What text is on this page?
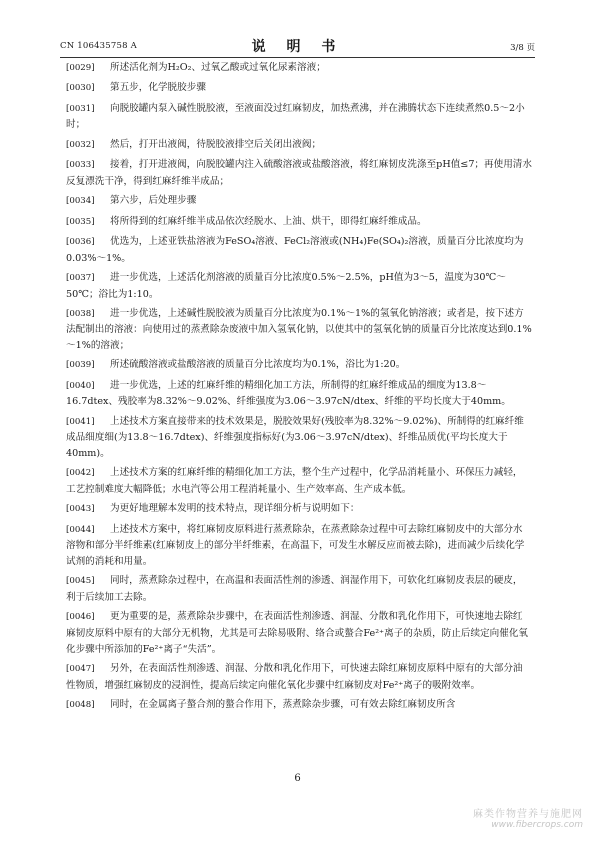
CN 106435758 A	说 明 书	3/8 页

[0029] 所述活化剂为H₂O₂、过氧乙酸或过氧化尿素溶液；

[0030] 第五步，化学脱胶步骤

[0031] 向脱胶罐内泵入碱性脱胶液，至液面没过红麻韧皮，加热煮沸，并在沸腾状态下连续煮然0.5～2小时；

[0032] 然后，打开出液阀，待脱胶液排空后关闭出液阀；

[0033] 接着，打开进液阀，向脱胶罐内注入硫酸溶液或盐酸溶液，将红麻韧皮洗涤至pH值≤7；再使用清水反复漂洗干净，得到红麻纤维半成品；

[0034] 第六步，后处理步骤

[0035] 将所得到的红麻纤维半成品依次经脱水、上油、烘干，即得红麻纤维成品。

[0036] 优选为，上述亚铁盐溶液为FeSO₄溶液、FeCl₂溶液或(NH₄)Fe(SO₄)₂溶液，质量百分比浓度均为0.03%～1%。

[0037] 进一步优选，上述活化剂溶液的质量百分比浓度0.5%～2.5%，pH值为3～5，温度为30℃～50℃；浴比为1:10。

[0038] 进一步优选，上述碱性脱胶液为质量百分比浓度为0.1%～1%的氢氧化钠溶液；或者是，按下述方法配制出的溶液：向使用过的蒸煮除杂废液中加入氢氧化钠，以使其中的氢氧化钠的质量百分比浓度达到0.1%～1%的溶液；

[0039] 所述硫酸溶液或盐酸溶液的质量百分比浓度均为0.1%，浴比为1:20。

[0040] 进一步优选，上述的红麻纤维的精细化加工方法，所制得的红麻纤维成品的细度为13.8～16.7dtex、残胶率为8.32%～9.02%、纤维强度为3.06～3.97cN/dtex、纤维的平均长度大于40mm。

[0041] 上述技术方案直接带来的技术效果是，脱胶效果好(残胶率为8.32%～9.02%)、所制得的红麻纤维成品细度细(为13.8～16.7dtex)、纤维强度指标好(为3.06～3.97cN/dtex)、纤维品质优(平均长度大于40mm)。

[0042] 上述技术方案的红麻纤维的精细化加工方法，整个生产过程中，化学品消耗量小、环保压力减轻，工艺控制难度大幅降低；水电汽等公用工程消耗量小、生产效率高、生产成本低。

[0043] 为更好地理解本发明的技术特点，现详细分析与说明如下：

[0044] 上述技术方案中，将红麻韧皮原料进行蒸煮除杂，在蒸煮除杂过程中可去除红麻韧皮中的大部分水溶物和部分半纤维素(红麻韧皮上的部分半纤维素，在高温下，可发生水解反应而被去除)，进而减少后续化学试剂的消耗和用量。

[0045] 同时，蒸煮除杂过程中，在高温和表面活性剂的渗透、润湿作用下，可软化红麻韧皮表层的硬皮，利于后续加工去除。

[0046] 更为重要的是，蒸煮除杂步骤中，在表面活性剂渗透、润湿、分散和乳化作用下，可快速地去除红麻韧皮原料中原有的大部分无机物，尤其是可去除易吸附、络合或螯合Fe²⁺离子的杂质，防止后续定向催化氧化步骤中所添加的Fe²⁺离子“失活”。

[0047] 另外，在表面活性剂渗透、润湿、分散和乳化作用下，可快速去除红麻韧皮原料中原有的大部分油性物质，增强红麻韧皮的浸润性，提高后续定向催化氧化步骤中红麻韧皮对Fe²⁺离子的吸附效率。

[0048] 同时，在金属离子螯合剂的螯合作用下，蒸煮除杂步骤，可有效去除红麻韧皮所含

6
麻类作物营养与施肥网
www.fibercrops.com
